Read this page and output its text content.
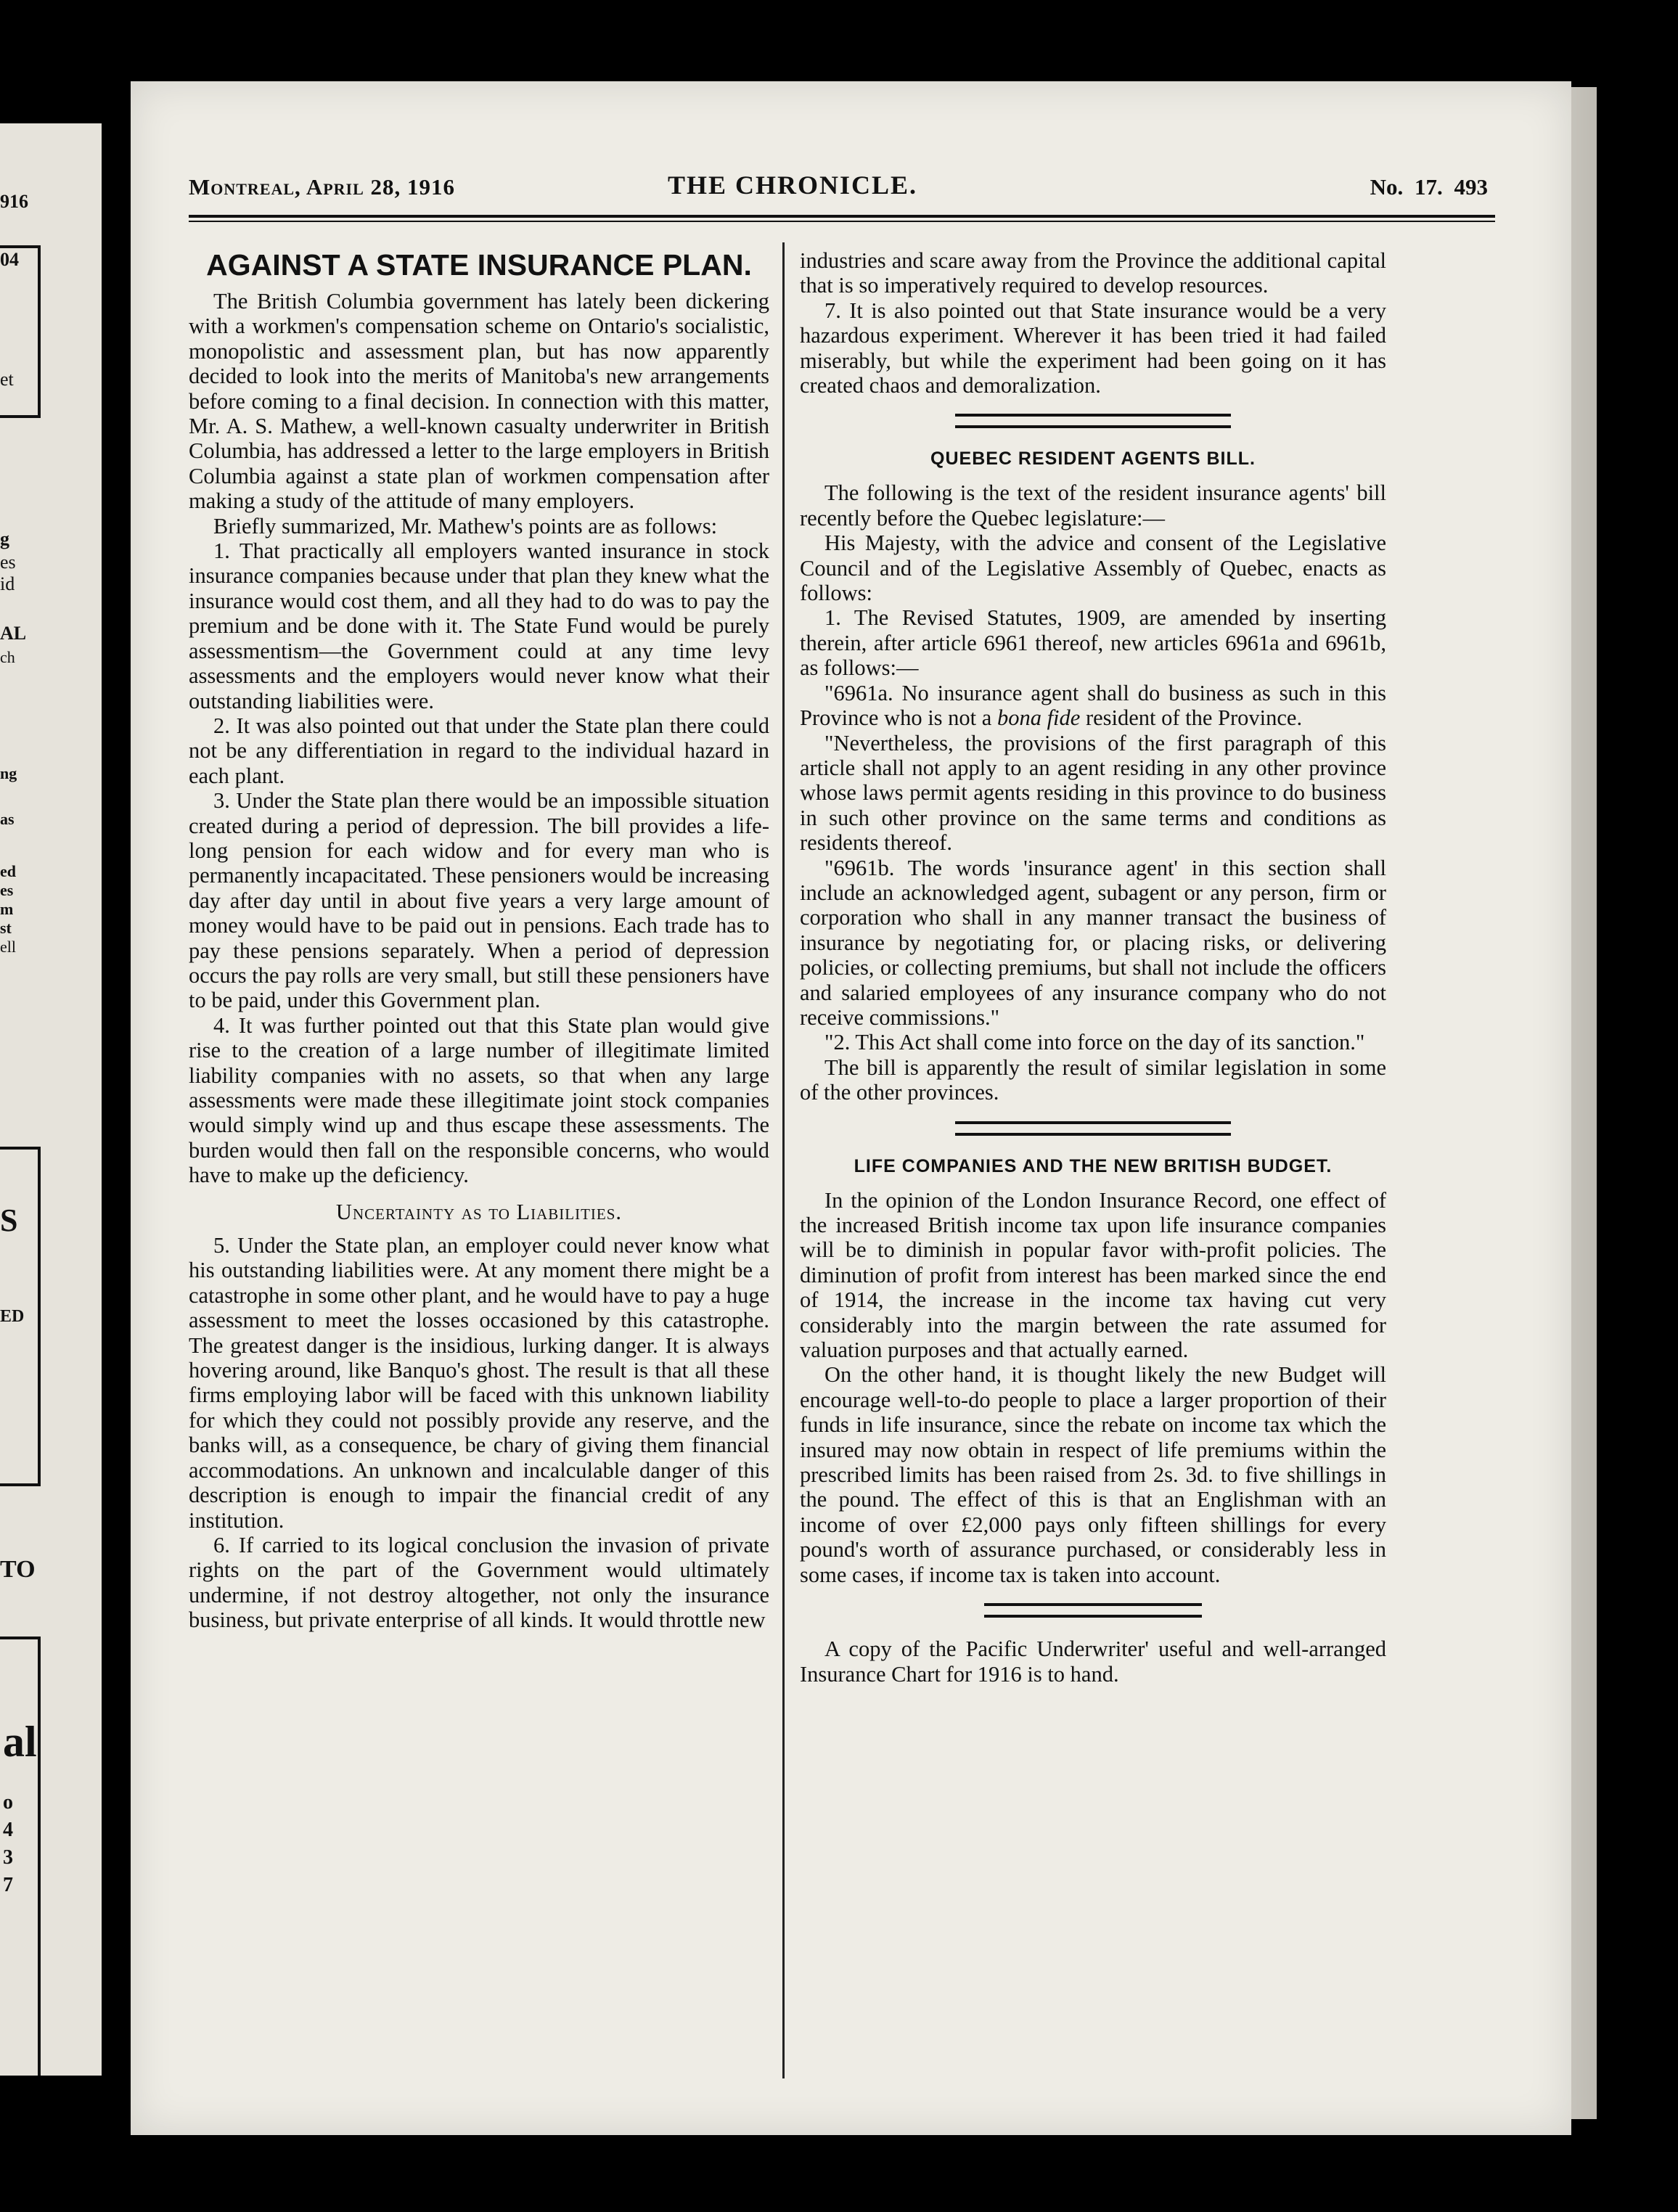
916
04
et
g
es
id
AL
ch
ng
as
ed
es
m
st
ell
S
ED
TO
al
o
4
3
7
Montreal, April 28, 1916	THE CHRONICLE.	No. 17. 493
AGAINST A STATE INSURANCE PLAN.

The British Columbia government has lately been dickering with a workmen's compensation scheme on Ontario's socialistic, monopolistic and assessment plan, but has now apparently decided to look into the merits of Manitoba's new arrangements before coming to a final decision. In connection with this matter, Mr. A. S. Mathew, a well-known casualty underwriter in British Columbia, has addressed a letter to the large employers in British Columbia against a state plan of workmen compensation after making a study of the attitude of many employers.

Briefly summarized, Mr. Mathew's points are as follows:

1. That practically all employers wanted insurance in stock insurance companies because under that plan they knew what the insurance would cost them, and all they had to do was to pay the premium and be done with it. The State Fund would be purely assessmentism—the Government could at any time levy assessments and the employers would never know what their outstanding liabilities were.

2. It was also pointed out that under the State plan there could not be any differentiation in regard to the individual hazard in each plant.

3. Under the State plan there would be an impossible situation created during a period of depression. The bill provides a life-long pension for each widow and for every man who is permanently incapacitated. These pensioners would be increasing day after day until in about five years a very large amount of money would have to be paid out in pensions. Each trade has to pay these pensions separately. When a period of depression occurs the pay rolls are very small, but still these pensioners have to be paid, under this Government plan.

4. It was further pointed out that this State plan would give rise to the creation of a large number of illegitimate limited liability companies with no assets, so that when any large assessments were made these illegitimate joint stock companies would simply wind up and thus escape these assessments. The burden would then fall on the responsible concerns, who would have to make up the deficiency.

Uncertainty as to Liabilities.

5. Under the State plan, an employer could never know what his outstanding liabilities were. At any moment there might be a catastrophe in some other plant, and he would have to pay a huge assessment to meet the losses occasioned by this catastrophe. The greatest danger is the insidious, lurking danger. It is always hovering around, like Banquo's ghost. The result is that all these firms employing labor will be faced with this unknown liability for which they could not possibly provide any reserve, and the banks will, as a consequence, be chary of giving them financial accommodations. An unknown and incalculable danger of this description is enough to impair the financial credit of any institution.

6. If carried to its logical conclusion the invasion of private rights on the part of the Government would ultimately undermine, if not destroy altogether, not only the insurance business, but private enterprise of all kinds. It would throttle new

industries and scare away from the Province the additional capital that is so imperatively required to develop resources.

7. It is also pointed out that State insurance would be a very hazardous experiment. Wherever it has been tried it had failed miserably, but while the experiment had been going on it has created chaos and demoralization.

QUEBEC RESIDENT AGENTS BILL.

The following is the text of the resident insurance agents' bill recently before the Quebec legislature:—

His Majesty, with the advice and consent of the Legislative Council and of the Legislative Assembly of Quebec, enacts as follows:

1. The Revised Statutes, 1909, are amended by inserting therein, after article 6961 thereof, new articles 6961a and 6961b, as follows:—

"6961a. No insurance agent shall do business as such in this Province who is not a bona fide resident of the Province.

"Nevertheless, the provisions of the first paragraph of this article shall not apply to an agent residing in any other province whose laws permit agents residing in this province to do business in such other province on the same terms and conditions as residents thereof.

"6961b. The words 'insurance agent' in this section shall include an acknowledged agent, subagent or any person, firm or corporation who shall in any manner transact the business of insurance by negotiating for, or placing risks, or delivering policies, or collecting premiums, but shall not include the officers and salaried employees of any insurance company who do not receive commissions."

"2. This Act shall come into force on the day of its sanction."

The bill is apparently the result of similar legislation in some of the other provinces.

LIFE COMPANIES AND THE NEW BRITISH BUDGET.

In the opinion of the London Insurance Record, one effect of the increased British income tax upon life insurance companies will be to diminish in popular favor with-profit policies. The diminution of profit from interest has been marked since the end of 1914, the increase in the income tax having cut very considerably into the margin between the rate assumed for valuation purposes and that actually earned.

On the other hand, it is thought likely the new Budget will encourage well-to-do people to place a larger proportion of their funds in life insurance, since the rebate on income tax which the insured may now obtain in respect of life premiums within the prescribed limits has been raised from 2s. 3d. to five shillings in the pound. The effect of this is that an Englishman with an income of over £2,000 pays only fifteen shillings for every pound's worth of assurance purchased, or considerably less in some cases, if income tax is taken into account.

A copy of the Pacific Underwriter' useful and well-arranged Insurance Chart for 1916 is to hand.
